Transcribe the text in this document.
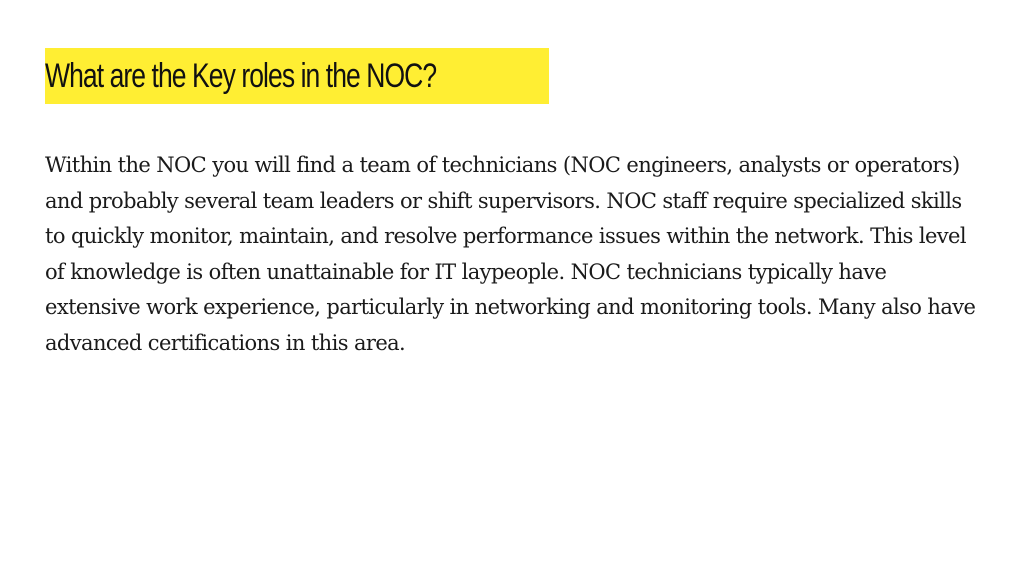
What are the Key roles in the NOC?

Within the NOC you will find a team of technicians (NOC engineers, analysts or operators) and probably several team leaders or shift supervisors. NOC staff require specialized skills to quickly monitor, maintain, and resolve performance issues within the network. This level of knowledge is often unattainable for IT laypeople. NOC technicians typically have extensive work experience, particularly in networking and monitoring tools. Many also have advanced certifications in this area.
